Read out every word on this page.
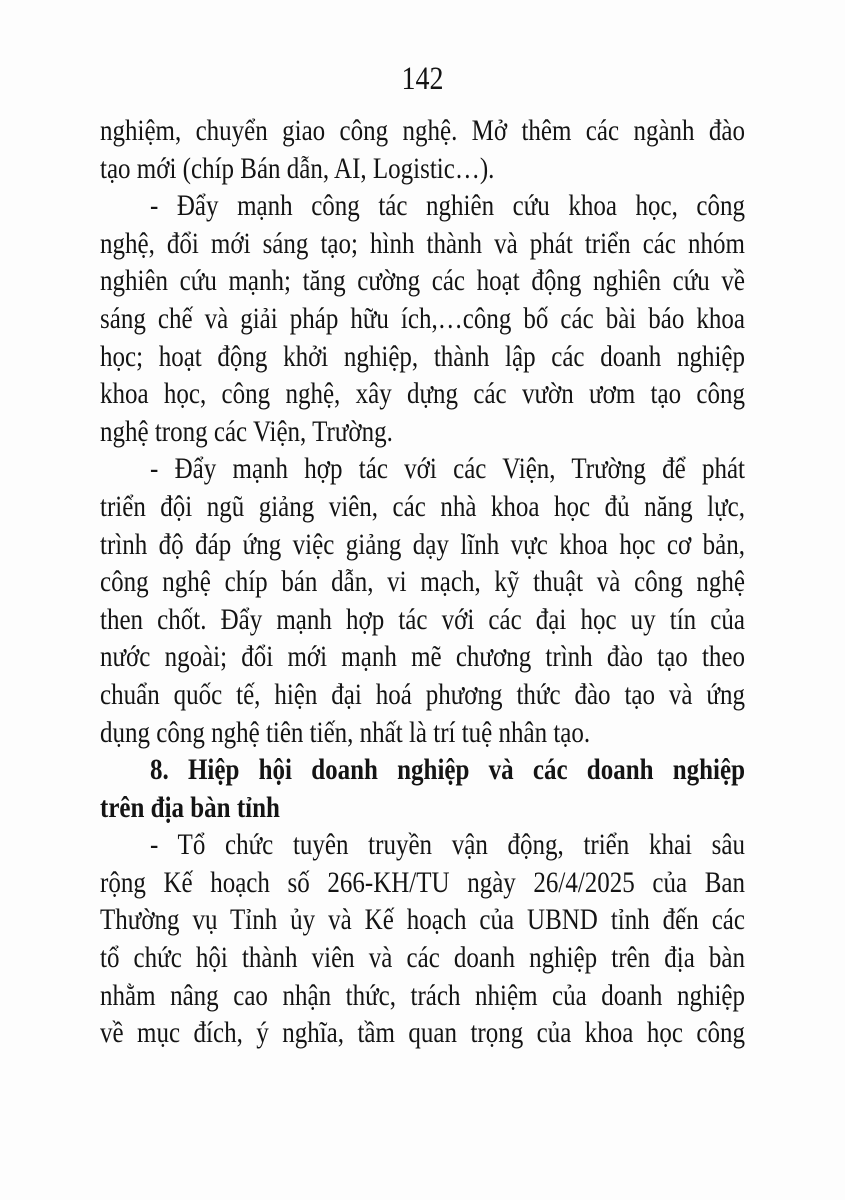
142
nghiệm, chuyển giao công nghệ. Mở thêm các ngành đào
tạo mới (chíp Bán dẫn, AI, Logistic…).
- Đẩy mạnh công tác nghiên cứu khoa học, công
nghệ, đổi mới sáng tạo; hình thành và phát triển các nhóm
nghiên cứu mạnh; tăng cường các hoạt động nghiên cứu về
sáng chế và giải pháp hữu ích,…công bố các bài báo khoa
học; hoạt động khởi nghiệp, thành lập các doanh nghiệp
khoa học, công nghệ, xây dựng các vườn ươm tạo công
nghệ trong các Viện, Trường.
- Đẩy mạnh hợp tác với các Viện, Trường để phát
triển đội ngũ giảng viên, các nhà khoa học đủ năng lực,
trình độ đáp ứng việc giảng dạy lĩnh vực khoa học cơ bản,
công nghệ chíp bán dẫn, vi mạch, kỹ thuật và công nghệ
then chốt. Đẩy mạnh hợp tác với các đại học uy tín của
nước ngoài; đổi mới mạnh mẽ chương trình đào tạo theo
chuẩn quốc tế, hiện đại hoá phương thức đào tạo và ứng
dụng công nghệ tiên tiến, nhất là trí tuệ nhân tạo.
8. Hiệp hội doanh nghiệp và các doanh nghiệp
trên địa bàn tỉnh
- Tổ chức tuyên truyền vận động, triển khai sâu
rộng Kế hoạch số 266-KH/TU ngày 26/4/2025 của Ban
Thường vụ Tỉnh ủy và Kế hoạch của UBND tỉnh đến các
tổ chức hội thành viên và các doanh nghiệp trên địa bàn
nhằm nâng cao nhận thức, trách nhiệm của doanh nghiệp
về mục đích, ý nghĩa, tầm quan trọng của khoa học công
